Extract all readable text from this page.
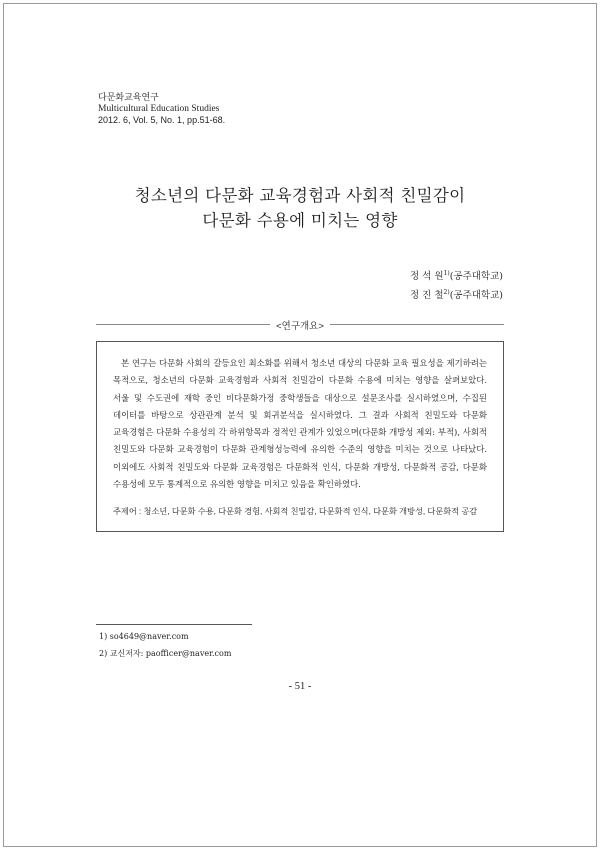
다문화교육연구
Multicultural Education Studies
2012. 6, Vol. 5, No. 1, pp.51-68.
청소년의 다문화 교육경험과 사회적 친밀감이
다문화 수용에 미치는 영향
정 석 원$^{1)}$(공주대학교)
정 진 철$^{2)}$(공주대학교)
<연구개요>
본 연구는 다문화 사회의 갈등요인 최소화를 위해서 청소년 대상의 다문화 교육 필요성을 제기하려는 목적으로, 청소년의 다문화 교육경험과 사회적 친밀감이 다문화 수용에 미치는 영향을 살펴보았다. 서울 및 수도권에 재학 중인 비다문화가정 중학생들을 대상으로 설문조사를 실시하였으며, 수집된 데이터를 바탕으로 상관관계 분석 및 회귀분석을 실시하였다. 그 결과 사회적 친밀도와 다문화 교육경험은 다문화 수용성의 각 하위항목과 정적인 관계가 있었으며(다문화 개방성 제외: 부적), 사회적 친밀도와 다문화 교육경험이 다문화 관계형성능력에 유의한 수준의 영향을 미치는 것으로 나타났다. 이외에도 사회적 친밀도와 다문화 교육경험은 다문화적 인식, 다문화 개방성, 다문화적 공감, 다문화 수용성에 모두 통계적으로 유의한 영향을 미치고 있음을 확인하였다.
주제어 : 청소년, 다문화 수용, 다문화 경험, 사회적 친밀감, 다문화적 인식, 다문화 개방성, 다문화적 공감
1) so4649@naver.com
2) 교신저자: paofficer@naver.com
- 51 -
